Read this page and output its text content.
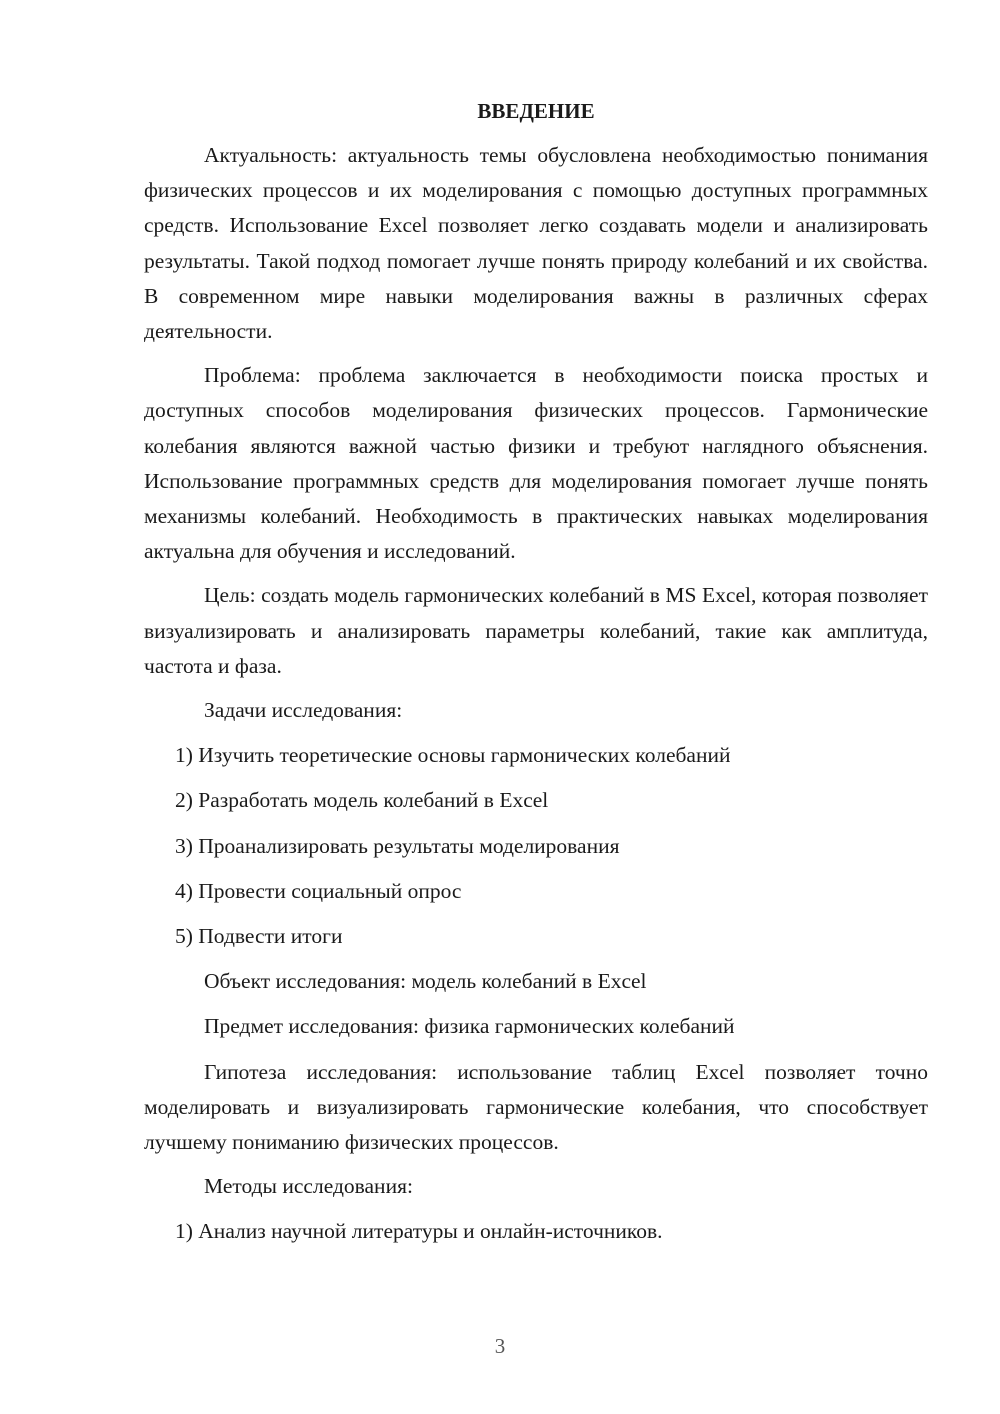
ВВЕДЕНИЕ

Актуальность: актуальность темы обусловлена необходимостью понимания физических процессов и их моделирования с помощью доступных программных средств. Использование Excel позволяет легко создавать модели и анализировать результаты. Такой подход помогает лучше понять природу колебаний и их свойства. В современном мире навыки моделирования важны в различных сферах деятельности.

Проблема: проблема заключается в необходимости поиска простых и доступных способов моделирования физических процессов. Гармонические колебания являются важной частью физики и требуют наглядного объяснения. Использование программных средств для моделирования помогает лучше понять механизмы колебаний. Необходимость в практических навыках моделирования актуальна для обучения и исследований.

Цель: создать модель гармонических колебаний в MS Excel, которая позволяет визуализировать и анализировать параметры колебаний, такие как амплитуда, частота и фаза.

Задачи исследования:
1) Изучить теоретические основы гармонических колебаний
2) Разработать модель колебаний в Excel
3) Проанализировать результаты моделирования
4) Провести социальный опрос
5) Подвести итоги
Объект исследования: модель колебаний в Excel
Предмет исследования: физика гармонических колебаний

Гипотеза исследования: использование таблиц Excel позволяет точно моделировать и визуализировать гармонические колебания, что способствует лучшему пониманию физических процессов.

Методы исследования:
1) Анализ научной литературы и онлайн-источников.
3
